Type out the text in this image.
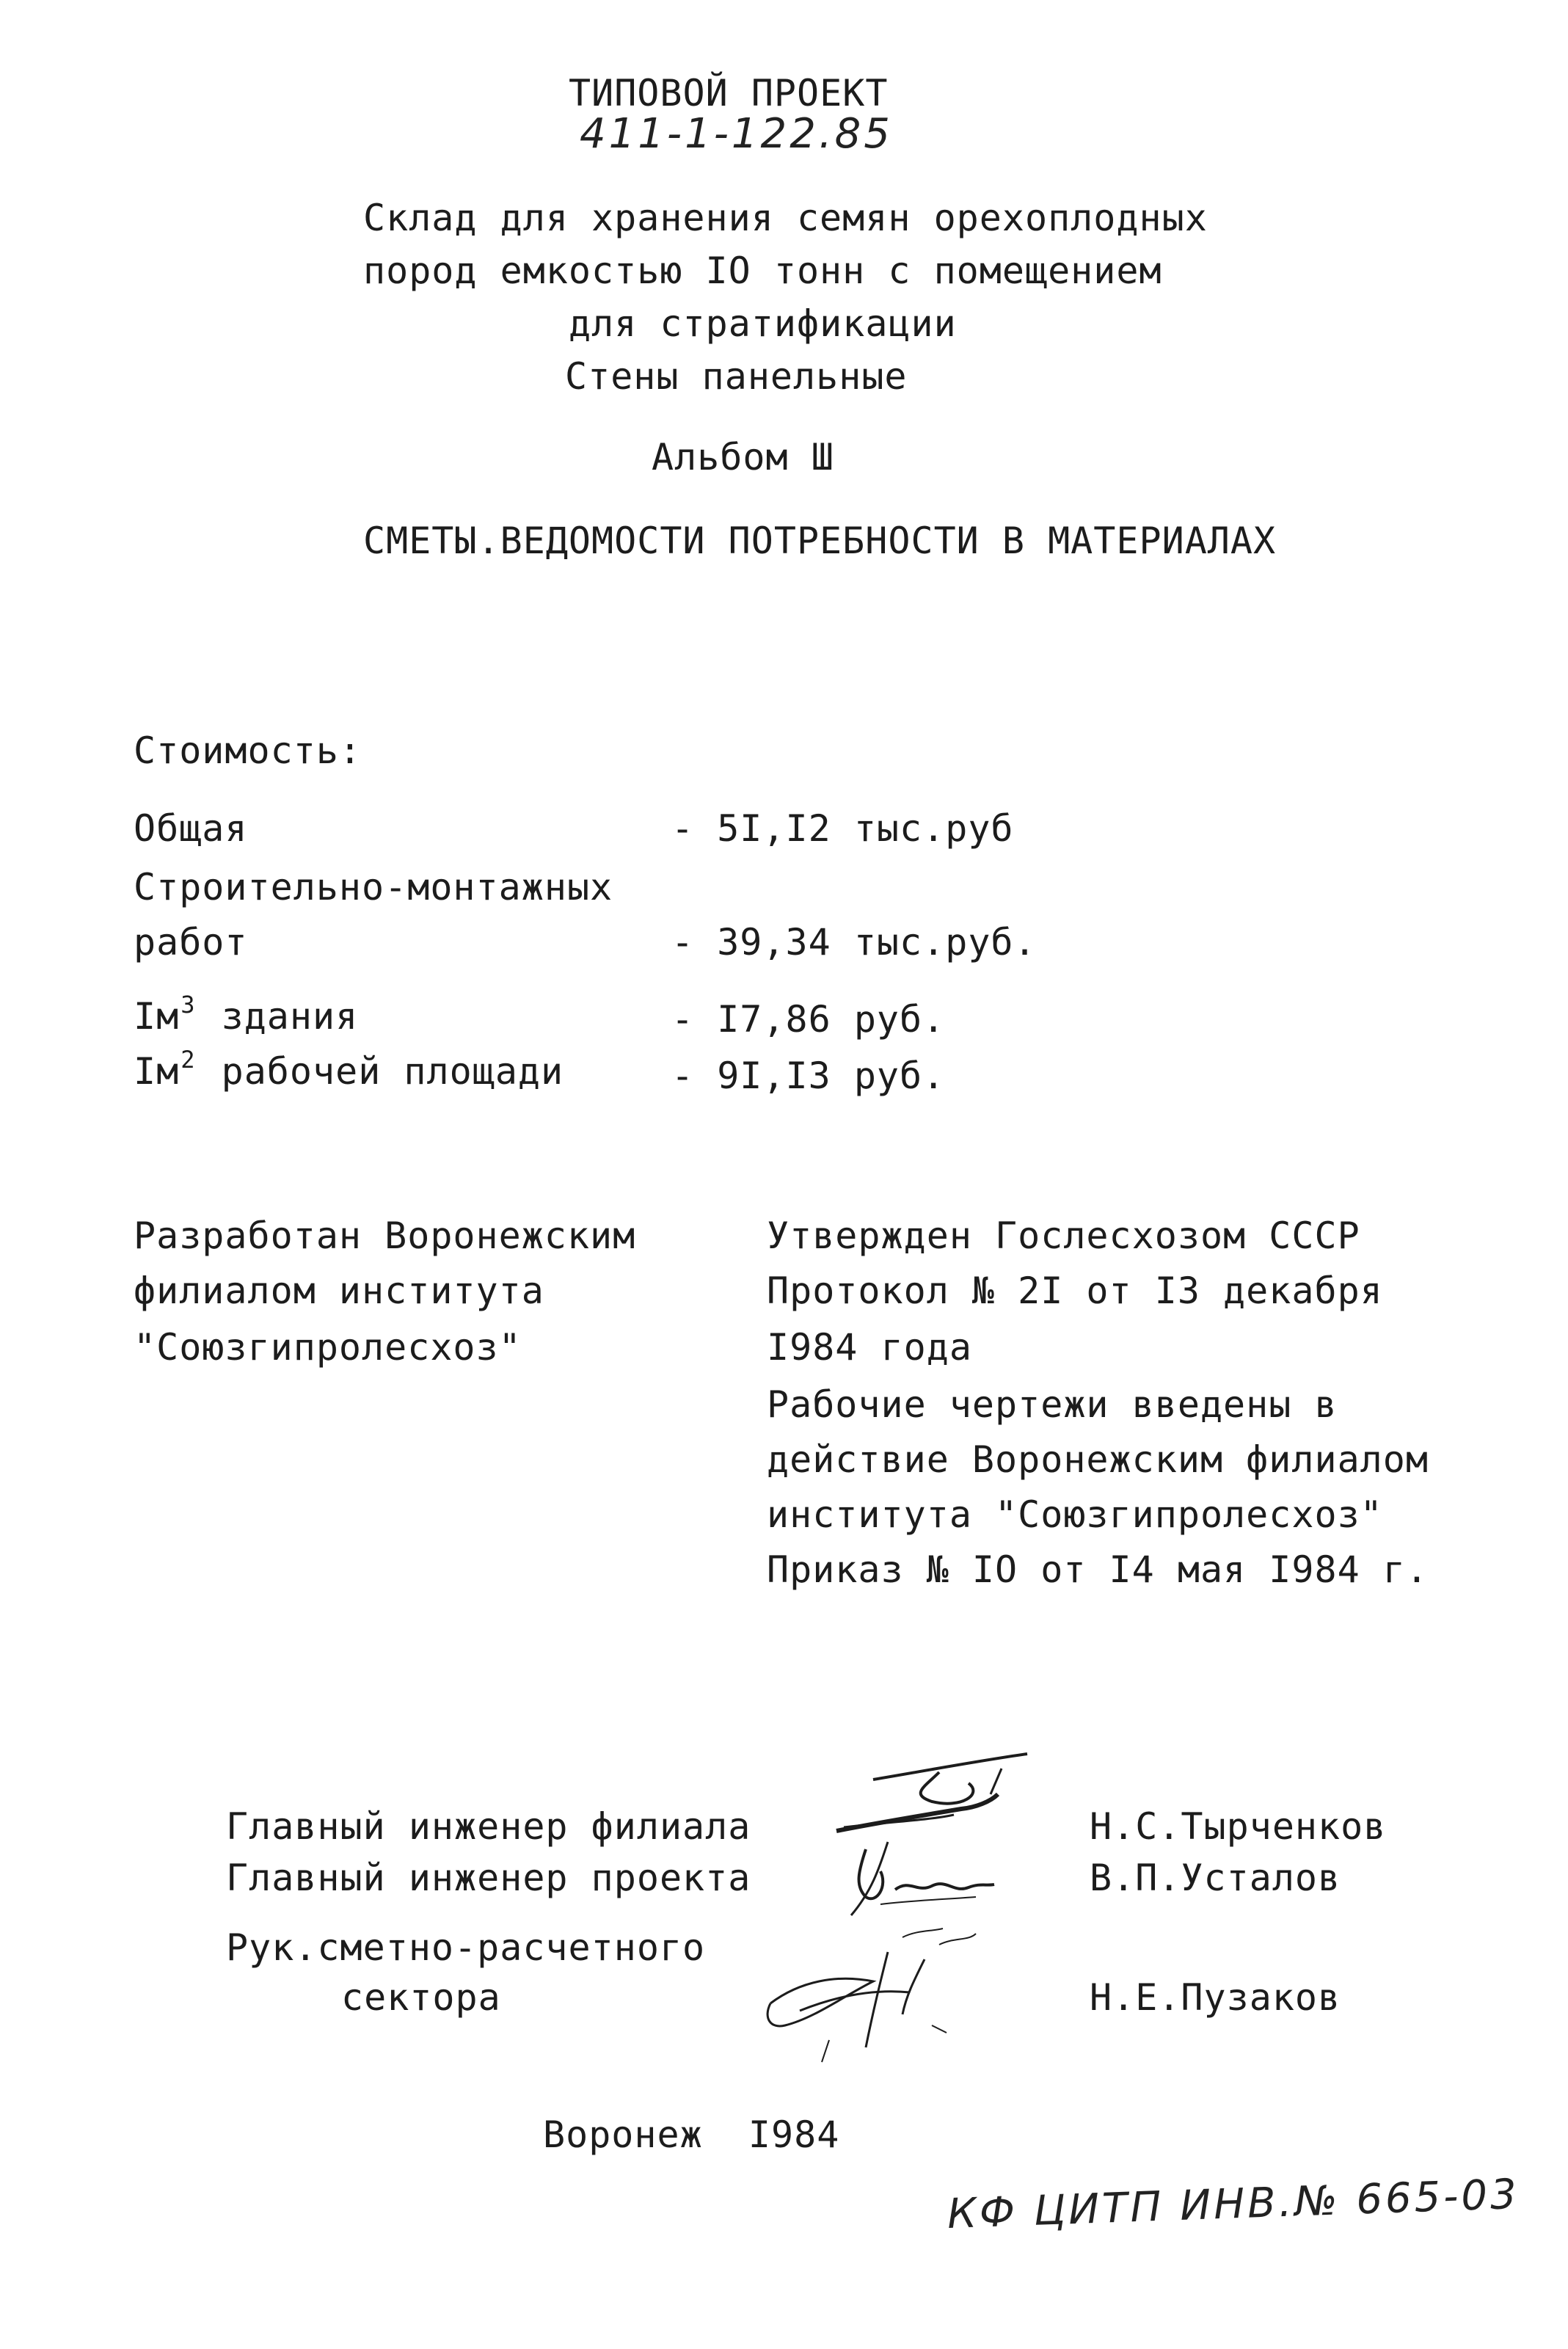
ТИПОВОЙ ПРОЕКТ
411-1-122.85
Склад для хранения семян орехоплодных
пород емкостью IO тонн с помещением
для стратификации
Стены панельные
Альбом Ш
СМЕТЫ.ВЕДОМОСТИ ПОТРЕБНОСТИ В МАТЕРИАЛАХ
Стоимость:
Общая	- 5I,I2 тыс.руб
Строительно-монтажных
работ	- 39,34 тыс.руб.
$Iм^3$ здания	- I7,86 руб.
$Iм^2$ рабочей площади	- 9I,I3 руб.
Разработан Воронежским
филиалом института
"Союзгипролесхоз"
Утвержден Гослесхозом СССР
Протокол № 2I от I3 декабря
I984 года
Рабочие чертежи введены в
действие Воронежским филиалом
института "Союзгипролесхоз"
Приказ № IO от I4 мая I984 г.
Главный инженер филиала	Н.С.Тырченков
Главный инженер проекта	В.П.Усталов
Рук.сметно-расчетного
сектора	Н.Е.Пузаков
Воронеж  I984
КФ ЦИТП ИНВ.№ 665-03
